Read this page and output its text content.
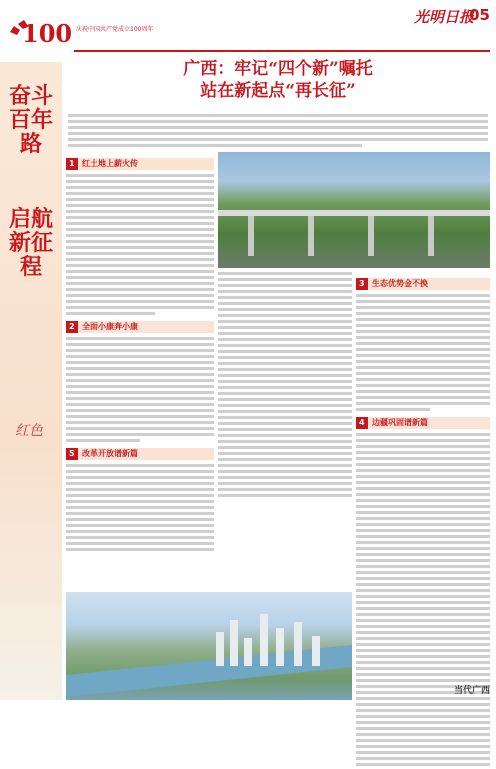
100 庆祝中国共产党成立100周年
光明日报
05
奋斗百年路
启航新征程
红色
广西：牢记“四个新”嘱托
站在新起点“再长征”
1 红土地上薪火传
2 全面小康奔小康
5 改革开放谱新篇
3 生态优势金不换
4 边疆巩固谱新篇
当代广西
